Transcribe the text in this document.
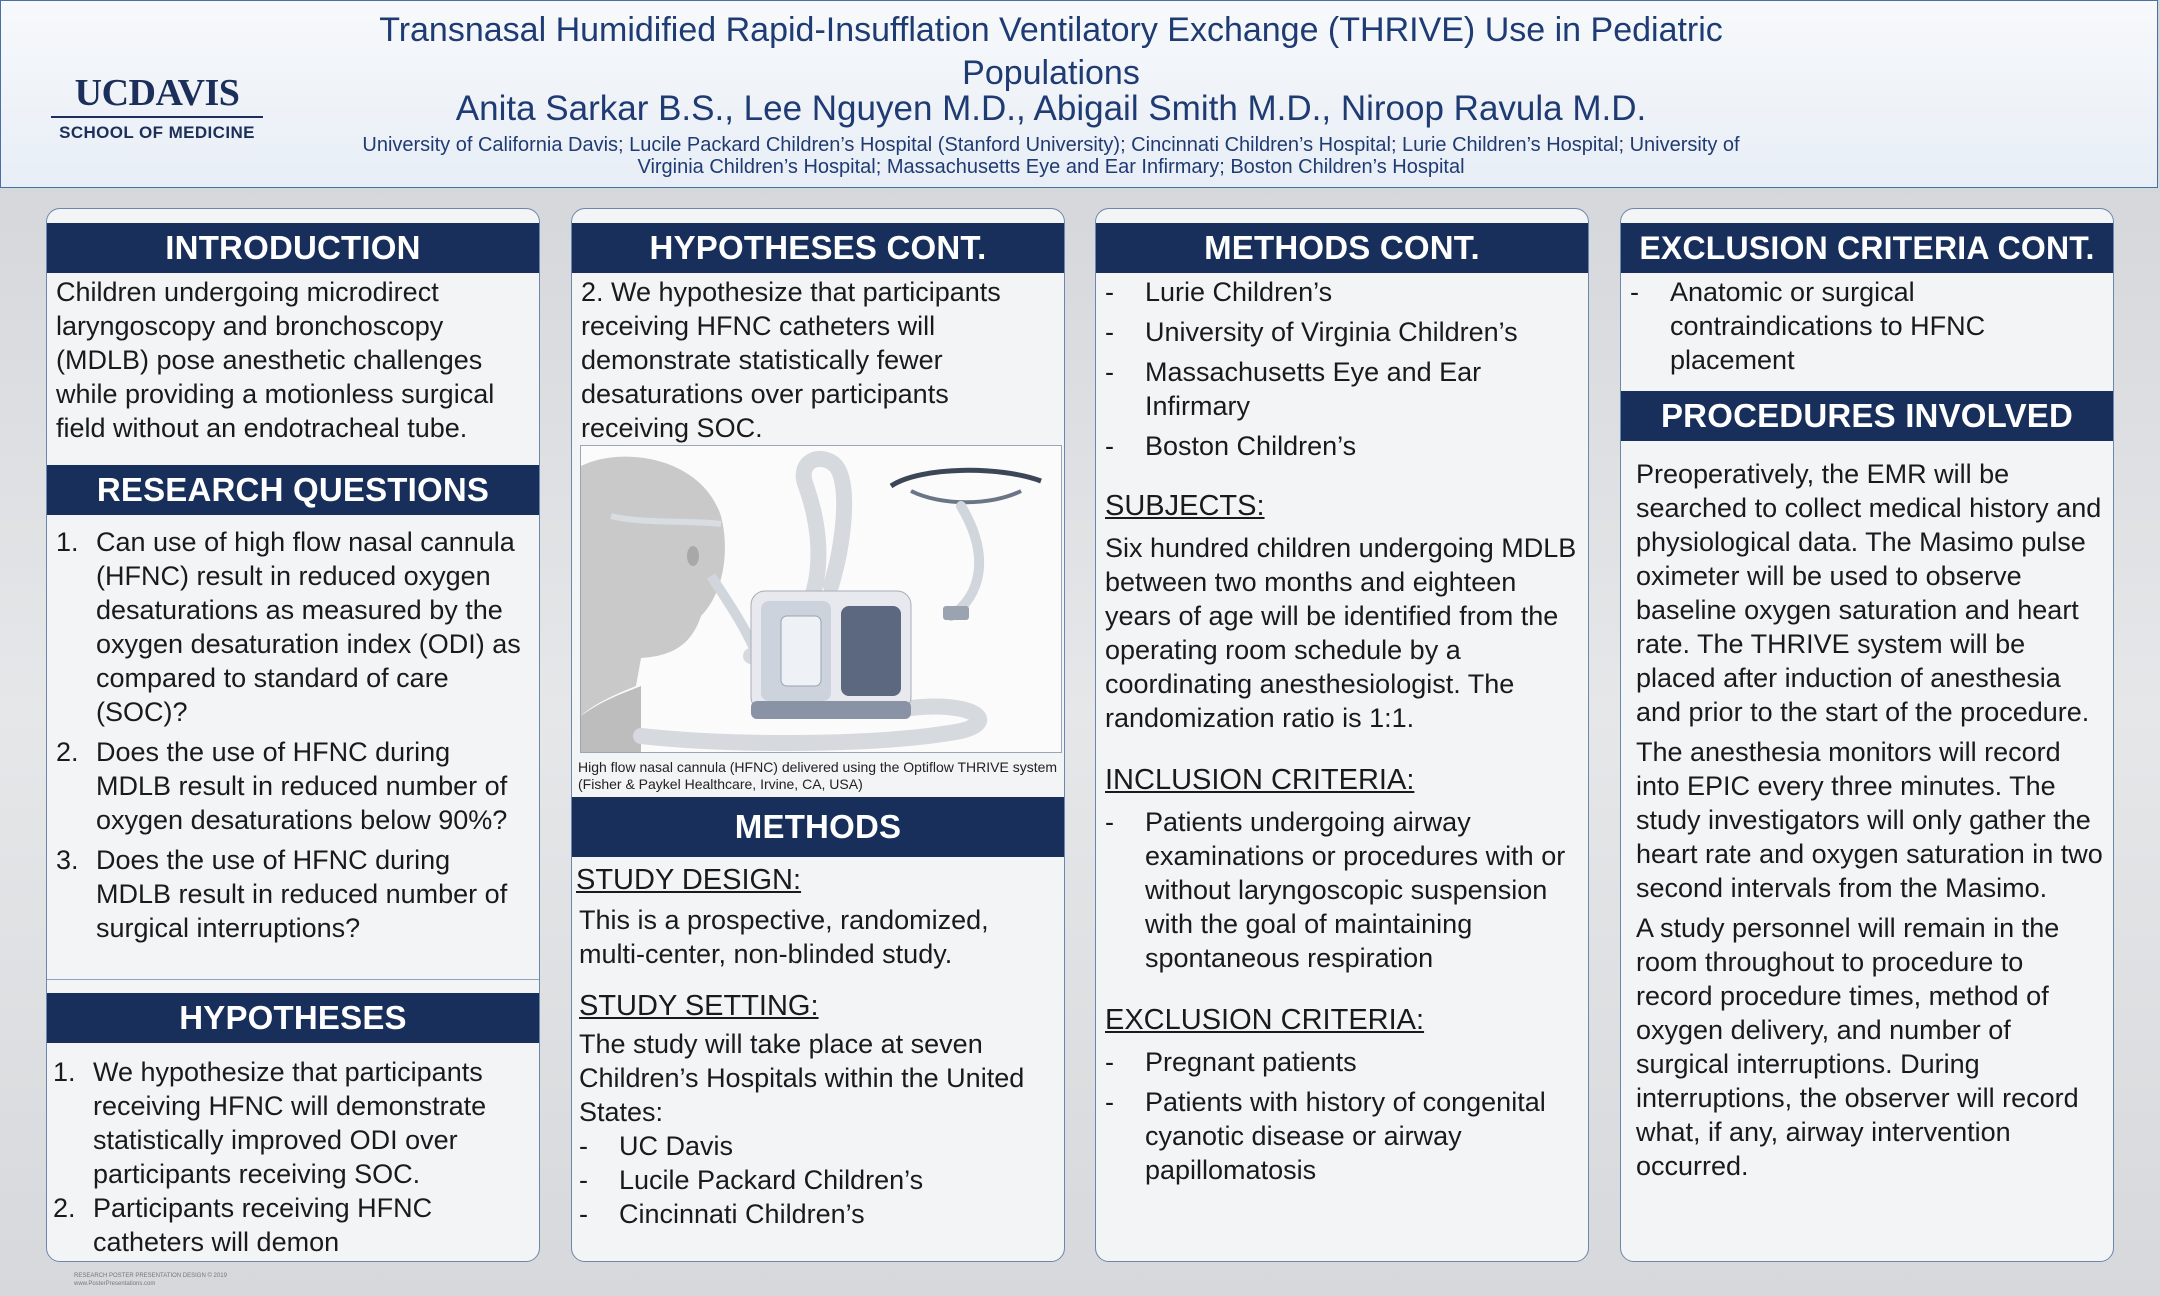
UCDAVIS
SCHOOL OF MEDICINE
Transnasal Humidified Rapid-Insufflation Ventilatory Exchange (THRIVE) Use in Pediatric
Populations
Anita Sarkar B.S., Lee Nguyen M.D., Abigail Smith M.D., Niroop Ravula M.D.
University of California Davis; Lucile Packard Children’s Hospital (Stanford University); Cincinnati Children’s Hospital; Lurie Children’s Hospital; University of
Virginia Children’s Hospital; Massachusetts Eye and Ear Infirmary; Boston Children’s Hospital
INTRODUCTION
Children undergoing microdirect laryngoscopy and bronchoscopy (MDLB) pose anesthetic challenges while providing a motionless surgical field without an endotracheal tube.
RESEARCH QUESTIONS
1. Can use of high flow nasal cannula (HFNC) result in reduced oxygen desaturations as measured by the oxygen desaturation index (ODI) as compared to standard of care (SOC)?
2. Does the use of HFNC during MDLB result in reduced number of oxygen desaturations below 90%?
3. Does the use of HFNC during MDLB result in reduced number of surgical interruptions?
HYPOTHESES
1. We hypothesize that participants receiving HFNC will demonstrate statistically improved ODI over participants receiving SOC.
2. Participants receiving HFNC catheters will demon
HYPOTHESES CONT.
2. We hypothesize that participants receiving HFNC catheters will demonstrate statistically fewer desaturations over participants receiving SOC.
High flow nasal cannula (HFNC) delivered using the Optiflow THRIVE system (Fisher & Paykel Healthcare, Irvine, CA, USA)
METHODS
STUDY DESIGN:
This is a prospective, randomized, multi-center, non-blinded study.
STUDY SETTING:

The study will take place at seven Children’s Hospitals within the United States:

- UC Davis
- Lucile Packard Children’s
- Cincinnati Children’s
METHODS CONT.
- Lurie Children’s
- University of Virginia Children’s
- Massachusetts Eye and Ear Infirmary
- Boston Children’s
SUBJECTS:
Six hundred children undergoing MDLB between two months and eighteen years of age will be identified from the operating room schedule by a coordinating anesthesiologist. The randomization ratio is 1:1.
INCLUSION CRITERIA:
- Patients undergoing airway examinations or procedures with or without laryngoscopic suspension with the goal of maintaining spontaneous respiration
EXCLUSION CRITERIA:
- Pregnant patients
- Patients with history of congenital cyanotic disease or airway papillomatosis
EXCLUSION CRITERIA CONT.
- Anatomic or surgical contraindications to HFNC placement
PROCEDURES INVOLVED

Preoperatively, the EMR will be searched to collect medical history and physiological data. The Masimo pulse oximeter will be used to observe baseline oxygen saturation and heart rate. The THRIVE system will be placed after induction of anesthesia and prior to the start of the procedure.

The anesthesia monitors will record into EPIC every three minutes. The study investigators will only gather the heart rate and oxygen saturation in two second intervals from the Masimo.

A study personnel will remain in the room throughout to procedure to record procedure times, method of oxygen delivery, and number of surgical interruptions. During interruptions, the observer will record what, if any, airway intervention occurred.

RESEARCH POSTER PRESENTATION DESIGN © 2019
www.PosterPresentations.com
